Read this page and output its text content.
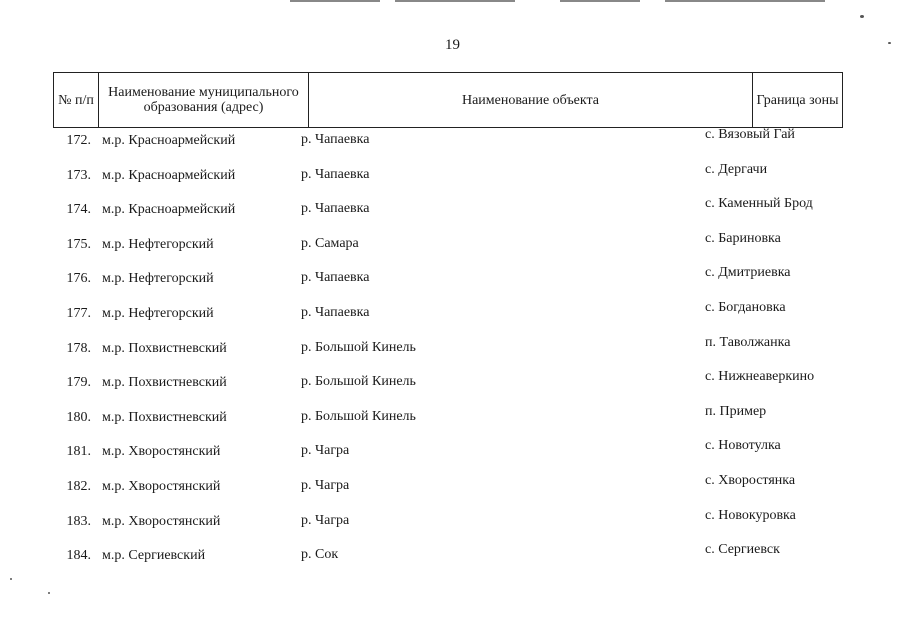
19
№ п/п	Наименование муниципального образования (адрес)	Наименование объекта	Граница зоны
172. м.р. Красноармейский	р. Чапаевка	с. Вязовый Гай
173. м.р. Красноармейский	р. Чапаевка	с. Дергачи
174. м.р. Красноармейский	р. Чапаевка	с. Каменный Брод
175. м.р. Нефтегорский	р. Самара	с. Бариновка
176. м.р. Нефтегорский	р. Чапаевка	с. Дмитриевка
177. м.р. Нефтегорский	р. Чапаевка	с. Богдановка
178. м.р. Похвистневский	р. Большой Кинель	п. Таволжанка
179. м.р. Похвистневский	р. Большой Кинель	с. Нижнеаверкино
180. м.р. Похвистневский	р. Большой Кинель	п. Пример
181. м.р. Хворостянский	р. Чагра	с. Новотулка
182. м.р. Хворостянский	р. Чагра	с. Хворостянка
183. м.р. Хворостянский	р. Чагра	с. Новокуровка
184. м.р. Сергиевский	р. Сок	с. Сергиевск
